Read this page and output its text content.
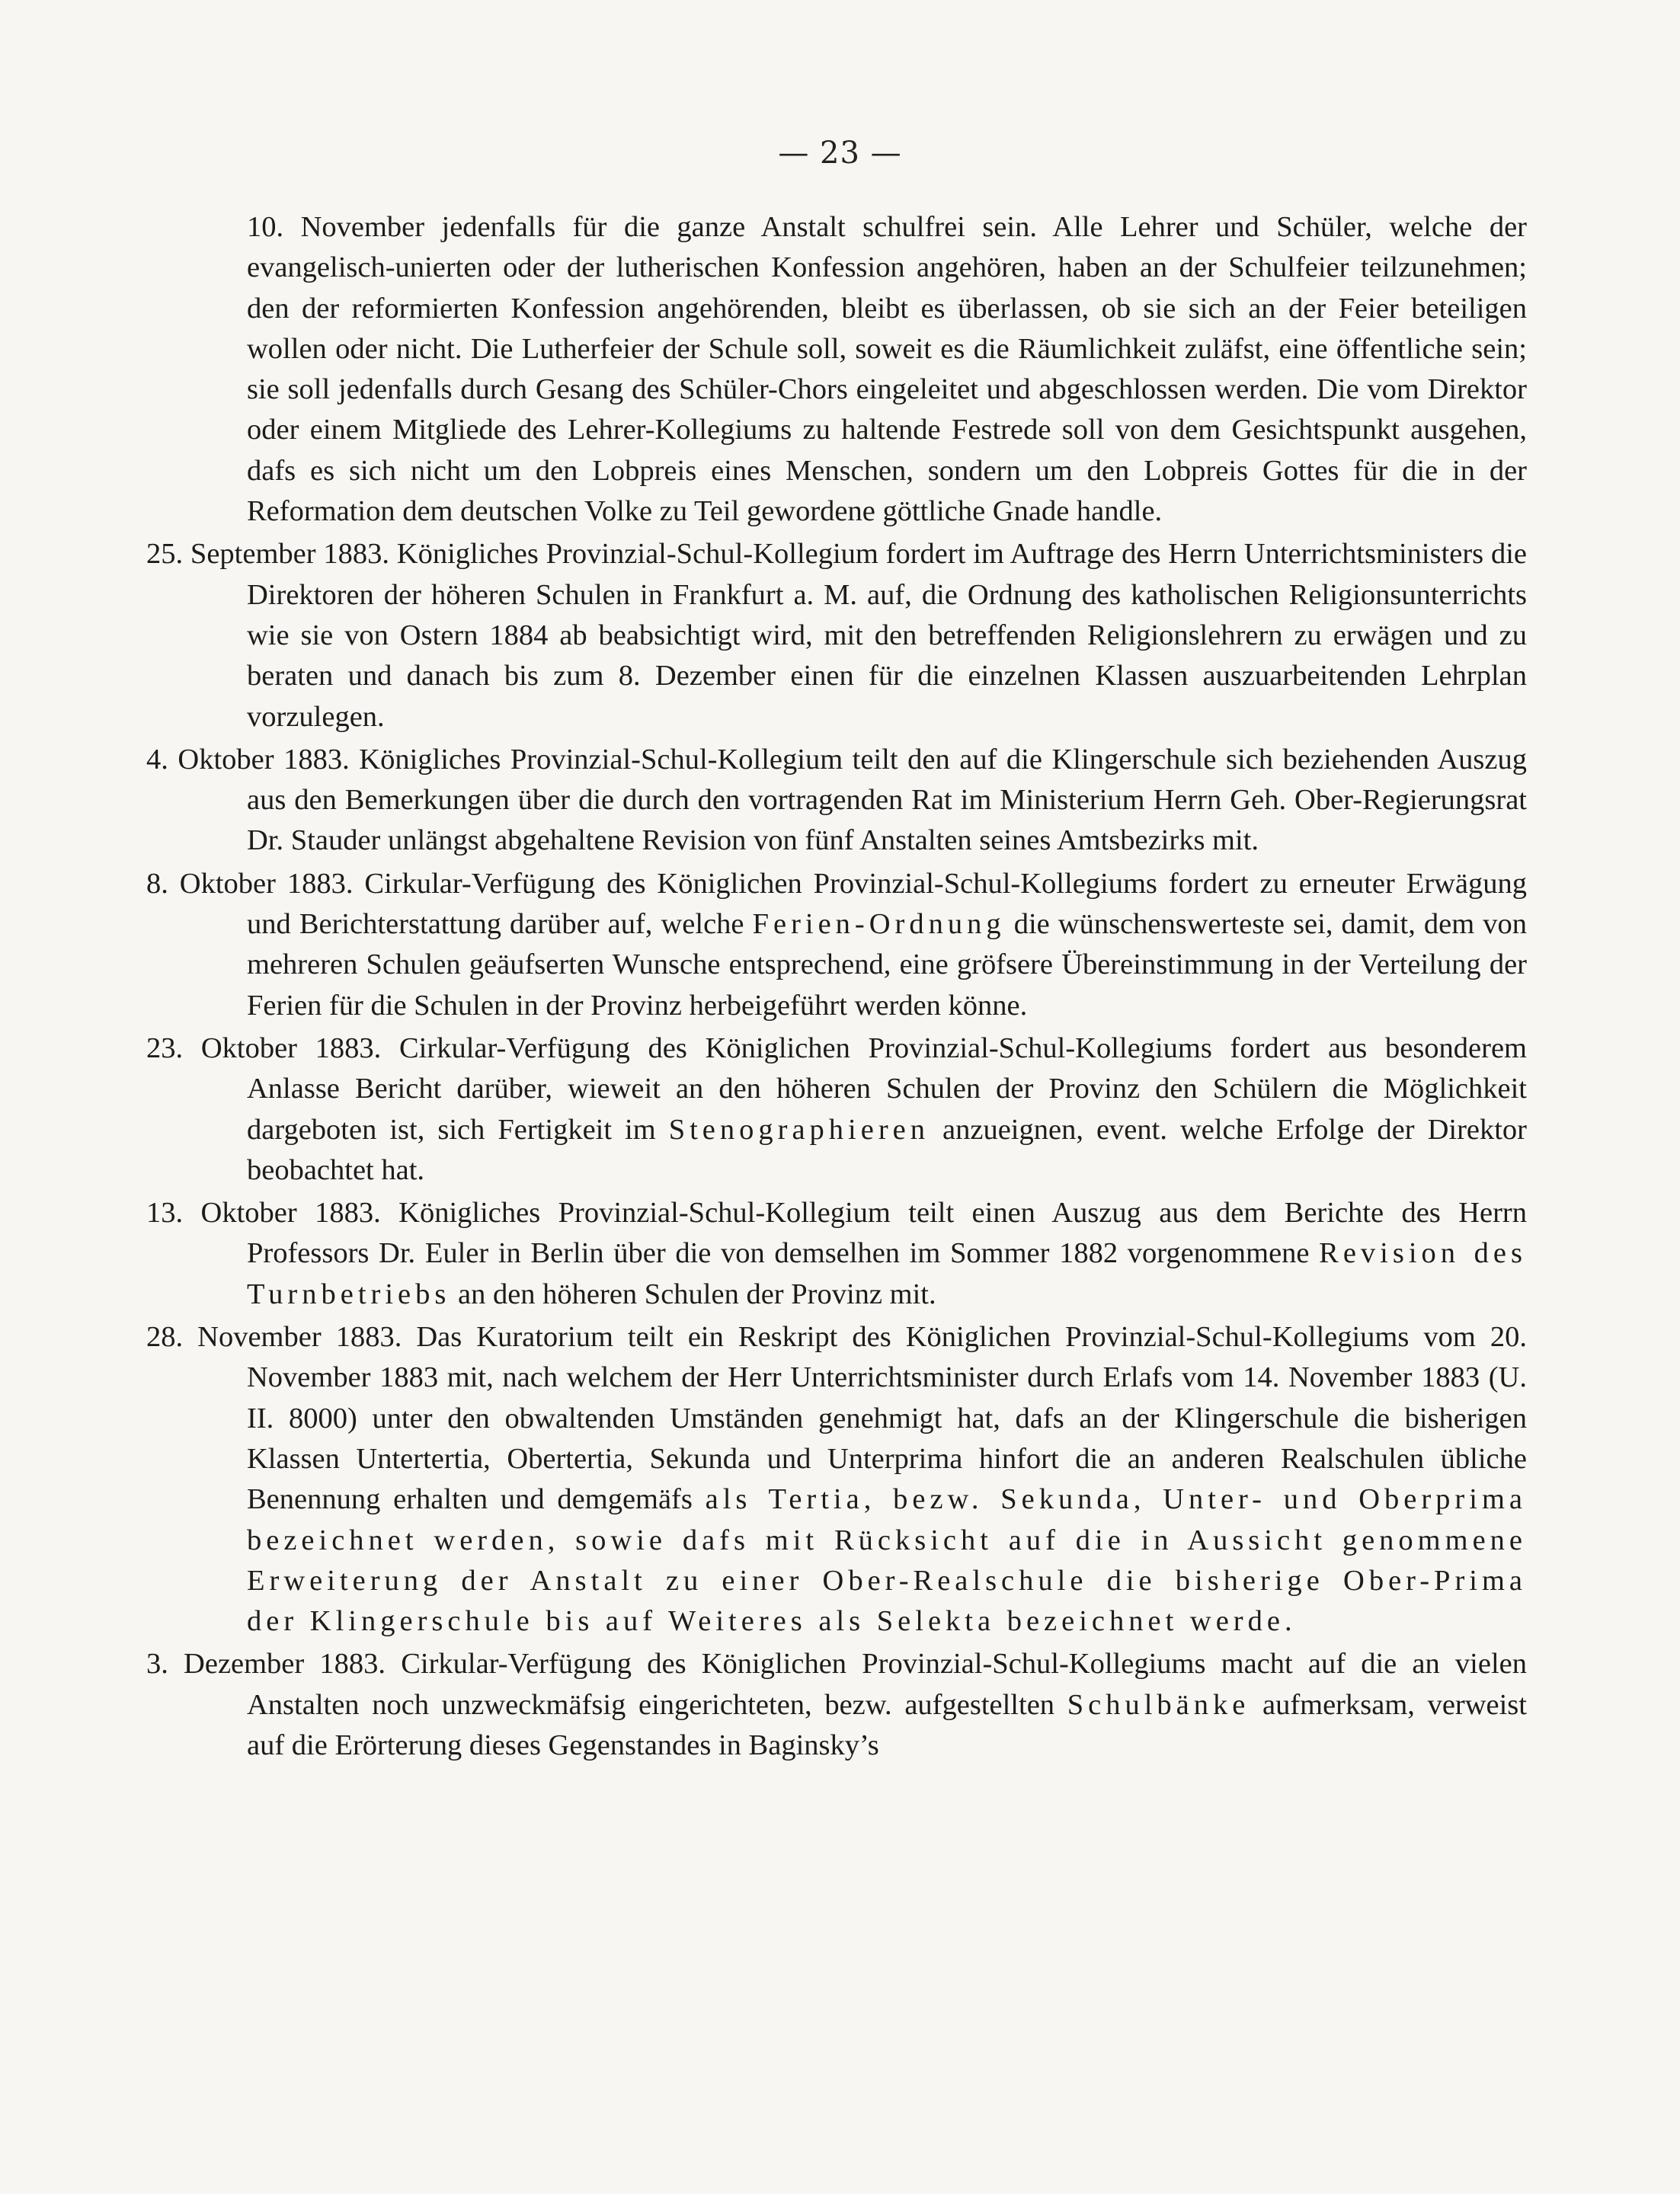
— 23 —

10. November jedenfalls für die ganze Anstalt schulfrei sein. Alle Lehrer und Schüler, welche der evangelisch-unierten oder der lutherischen Konfession angehören, haben an der Schulfeier teilzunehmen; den der reformierten Konfession angehörenden, bleibt es überlassen, ob sie sich an der Feier beteiligen wollen oder nicht. Die Lutherfeier der Schule soll, soweit es die Räumlichkeit zuläfst, eine öffentliche sein; sie soll jedenfalls durch Gesang des Schüler-Chors eingeleitet und abgeschlossen werden. Die vom Direktor oder einem Mitgliede des Lehrer-Kollegiums zu haltende Festrede soll von dem Gesichtspunkt ausgehen, dafs es sich nicht um den Lobpreis eines Menschen, sondern um den Lobpreis Gottes für die in der Reformation dem deutschen Volke zu Teil gewordene göttliche Gnade handle.

25. September 1883. Königliches Provinzial-Schul-Kollegium fordert im Auftrage des Herrn Unterrichtsministers die Direktoren der höheren Schulen in Frankfurt a. M. auf, die Ordnung des katholischen Religionsunterrichts wie sie von Ostern 1884 ab beabsichtigt wird, mit den betreffenden Religionslehrern zu erwägen und zu beraten und danach bis zum 8. Dezember einen für die einzelnen Klassen auszuarbeitenden Lehrplan vorzulegen.

4. Oktober 1883. Königliches Provinzial-Schul-Kollegium teilt den auf die Klingerschule sich beziehenden Auszug aus den Bemerkungen über die durch den vortragenden Rat im Ministerium Herrn Geh. Ober-Regierungsrat Dr. Stauder unlängst abgehaltene Revision von fünf Anstalten seines Amtsbezirks mit.

8. Oktober 1883. Cirkular-Verfügung des Königlichen Provinzial-Schul-Kollegiums fordert zu erneuter Erwägung und Berichterstattung darüber auf, welche Ferien-Ordnung die wünschenswerteste sei, damit, dem von mehreren Schulen geäufserten Wunsche entsprechend, eine gröfsere Übereinstimmung in der Verteilung der Ferien für die Schulen in der Provinz herbeigeführt werden könne.

23. Oktober 1883. Cirkular-Verfügung des Königlichen Provinzial-Schul-Kollegiums fordert aus besonderem Anlasse Bericht darüber, wieweit an den höheren Schulen der Provinz den Schülern die Möglichkeit dargeboten ist, sich Fertigkeit im Stenographieren anzueignen, event. welche Erfolge der Direktor beobachtet hat.

13. Oktober 1883. Königliches Provinzial-Schul-Kollegium teilt einen Auszug aus dem Berichte des Herrn Professors Dr. Euler in Berlin über die von demselhen im Sommer 1882 vorgenommene Revision des Turnbetriebs an den höheren Schulen der Provinz mit.

28. November 1883. Das Kuratorium teilt ein Reskript des Königlichen Provinzial-Schul-Kollegiums vom 20. November 1883 mit, nach welchem der Herr Unterrichtsminister durch Erlafs vom 14. November 1883 (U. II. 8000) unter den obwaltenden Umständen genehmigt hat, dafs an der Klingerschule die bisherigen Klassen Untertertia, Obertertia, Sekunda und Unterprima hinfort die an anderen Realschulen übliche Benennung erhalten und demgemäfs als Tertia, bezw. Sekunda, Unter- und Oberprima bezeichnet werden, sowie dafs mit Rücksicht auf die in Aussicht genommene Erweiterung der Anstalt zu einer Ober-Realschule die bisherige Ober-Prima der Klingerschule bis auf Weiteres als Selekta bezeichnet werde.

3. Dezember 1883. Cirkular-Verfügung des Königlichen Provinzial-Schul-Kollegiums macht auf die an vielen Anstalten noch unzweckmäfsig eingerichteten, bezw. aufgestellten Schulbänke aufmerksam, verweist auf die Erörterung dieses Gegenstandes in Baginsky’s
